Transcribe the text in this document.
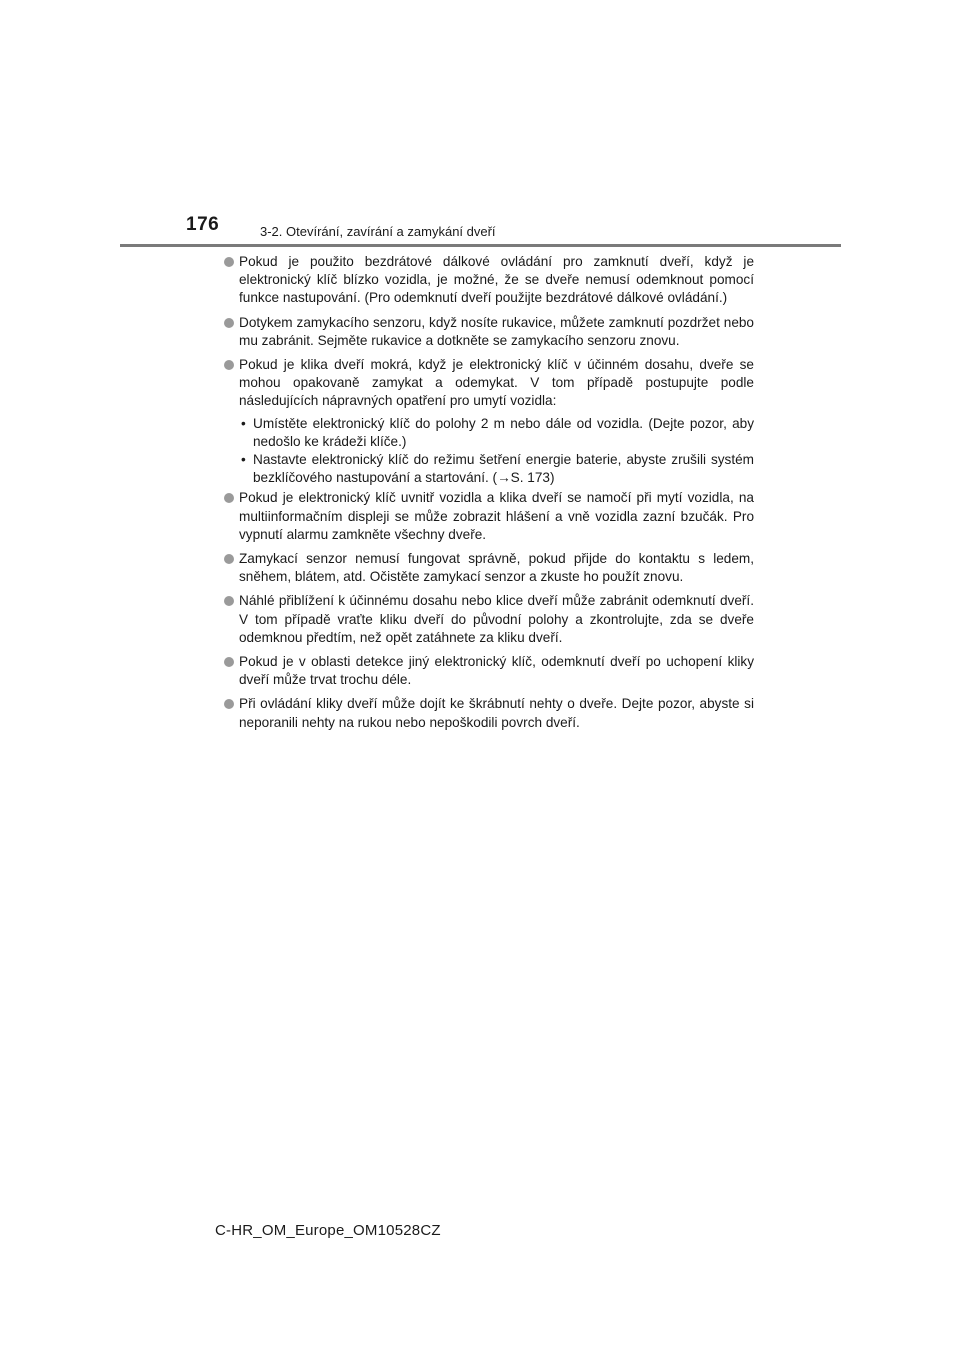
176	3-2. Otevírání, zavírání a zamykání dveří
Pokud je použito bezdrátové dálkové ovládání pro zamknutí dveří, když je elektronický klíč blízko vozidla, je možné, že se dveře nemusí odemknout pomocí funkce nastupování. (Pro odemknutí dveří použijte bezdrátové dálkové ovládání.)
Dotykem zamykacího senzoru, když nosíte rukavice, můžete zamknutí pozdržet nebo mu zabránit. Sejměte rukavice a dotkněte se zamykacího senzoru znovu.
Pokud je klika dveří mokrá, když je elektronický klíč v účinném dosahu, dveře se mohou opakovaně zamykat a odemykat. V tom případě postupujte podle následujících nápravných opatření pro umytí vozidla:
• Umístěte elektronický klíč do polohy 2 m nebo dále od vozidla. (Dejte pozor, aby nedošlo ke krádeži klíče.)
• Nastavte elektronický klíč do režimu šetření energie baterie, abyste zrušili systém bezklíčového nastupování a startování. (→S. 173)
Pokud je elektronický klíč uvnitř vozidla a klika dveří se namočí při mytí vozidla, na multiinformačním displeji se může zobrazit hlášení a vně vozidla zazní bzučák. Pro vypnutí alarmu zamkněte všechny dveře.
Zamykací senzor nemusí fungovat správně, pokud přijde do kontaktu s ledem, sněhem, blátem, atd. Očistěte zamykací senzor a zkuste ho použít znovu.
Náhlé přiblížení k účinnému dosahu nebo klice dveří může zabránit odemknutí dveří. V tom případě vraťte kliku dveří do původní polohy a zkontrolujte, zda se dveře odemknou předtím, než opět zatáhnete za kliku dveří.
Pokud je v oblasti detekce jiný elektronický klíč, odemknutí dveří po uchopení kliky dveří může trvat trochu déle.
Při ovládání kliky dveří může dojít ke škrábnutí nehty o dveře. Dejte pozor, abyste si neporanili nehty na rukou nebo nepoškodili povrch dveří.
C-HR_OM_Europe_OM10528CZ
